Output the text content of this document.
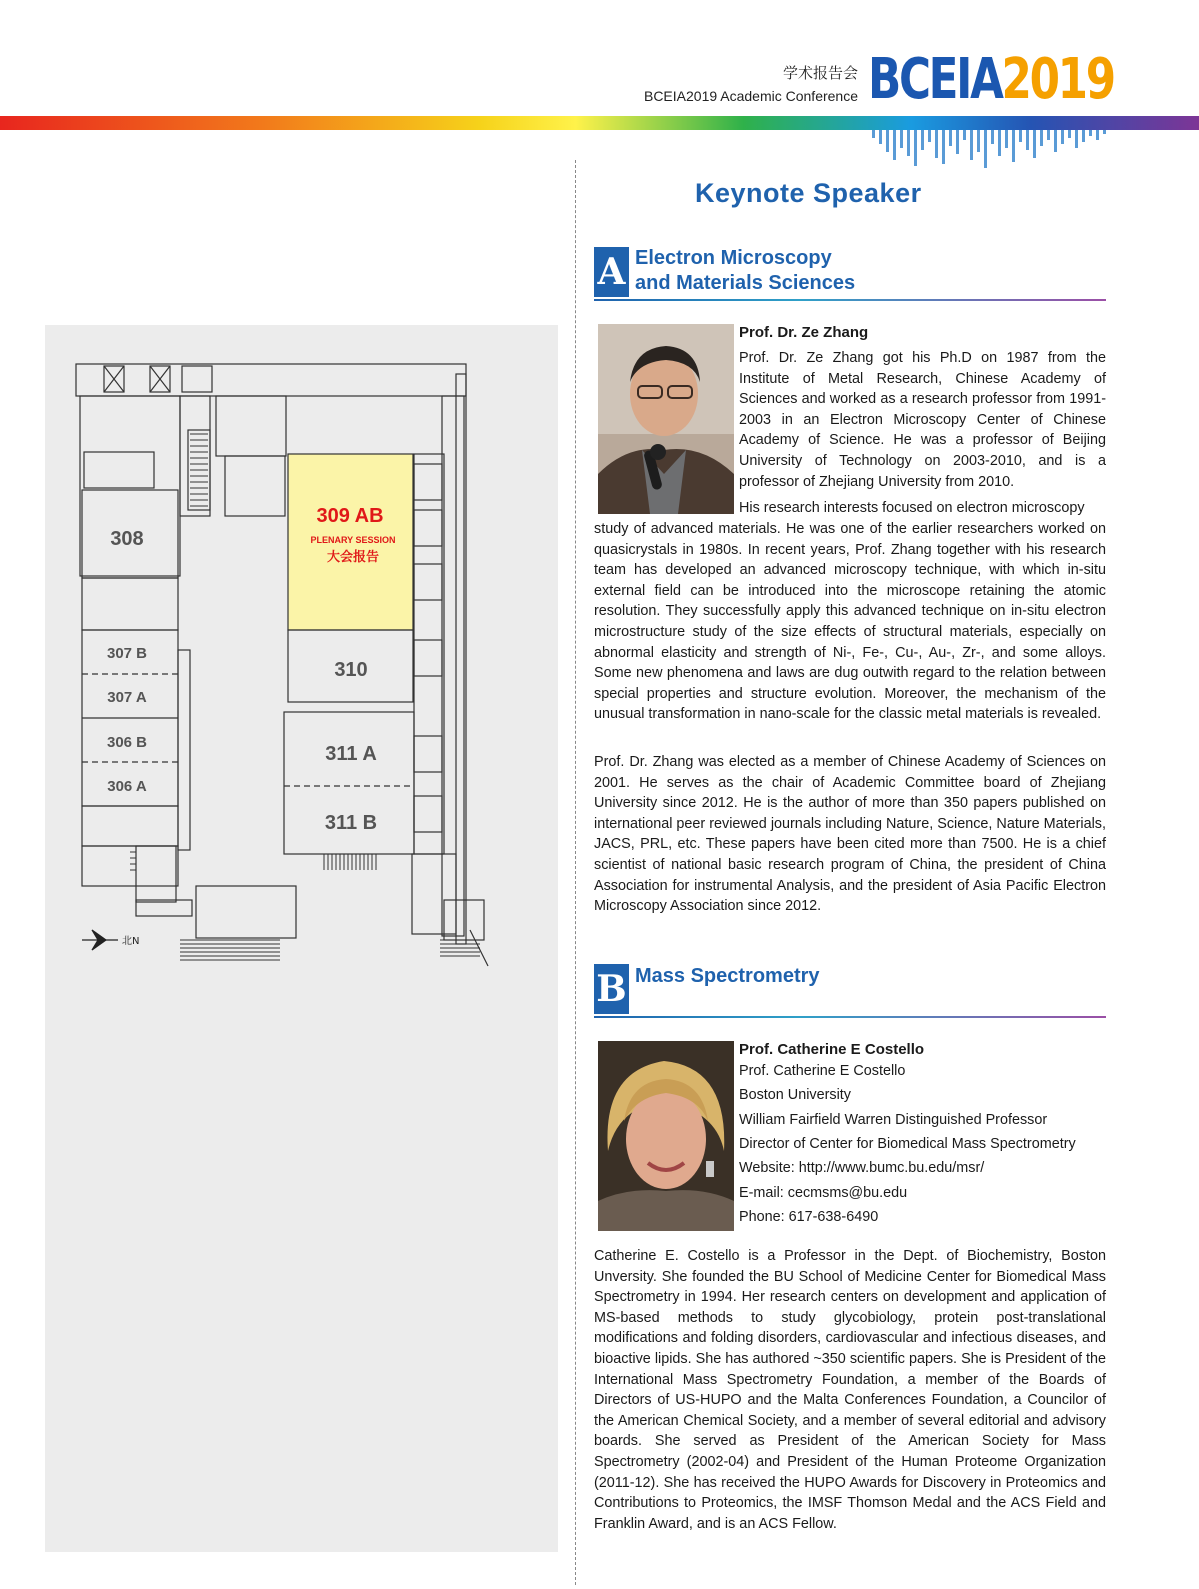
学术报告会
BCEIA2019 Academic Conference BCEIA2019
308
307 B
307 A
306 B
306 A
310
311 A
311 B
309 AB
PLENARY SESSION
大会报告
北N
Keynote Speaker
A Electron Microscopy
and Materials Sciences
Prof. Dr. Ze Zhang
Prof. Dr. Ze Zhang got his Ph.D on 1987 from the Institute of Metal Research, Chinese Academy of Sciences and worked as a research professor from 1991- 2003 in an Electron Microscopy Center of Chinese Academy of Science. He was a professor of Beijing University of Technology on 2003-2010, and is a professor of Zhejiang University from 2010.
His research interests focused on electron microscopy
study of advanced materials. He was one of the earlier researchers worked on quasicrystals in 1980s. In recent years, Prof. Zhang together with his research team has developed an advanced microscopy technique, with which in-situ external field can be introduced into the microscope retaining the atomic resolution. They successfully apply this advanced technique on in-situ electron microstructure study of the size effects of structural materials, especially on abnormal elasticity and strength of Ni-, Fe-, Cu-, Au-, Zr-, and some alloys. Some new phenomena and laws are dug outwith regard to the relation between special properties and structure evolution. Moreover, the mechanism of the unusual transformation in nano-scale for the classic metal materials is revealed.
Prof. Dr. Zhang was elected as a member of Chinese Academy of Sciences on 2001. He serves as the chair of Academic Committee board of Zhejiang University since 2012. He is the author of more than 350 papers published on international peer reviewed journals including Nature, Science, Nature Materials, JACS, PRL, etc. These papers have been cited more than 7500. He is a chief scientist of national basic research program of China, the president of China Association for instrumental Analysis, and the president of Asia Pacific Electron Microscopy Association since 2012.
B Mass Spectrometry
Prof. Catherine E Costello
Prof. Catherine E Costello
Boston University
William Fairfield Warren Distinguished Professor
Director of Center for Biomedical Mass Spectrometry
Website: http://www.bumc.bu.edu/msr/
E-mail: cecmsms@bu.edu
Phone: 617-638-6490
Catherine E. Costello is a Professor in the Dept. of Biochemistry, Boston Unversity. She founded the BU School of Medicine Center for Biomedical Mass Spectrometry in 1994. Her research centers on development and application of MS-based methods to study glycobiology, protein post-translational modifications and folding disorders, cardiovascular and infectious diseases, and bioactive lipids. She has authored ~350 scientific papers. She is President of the International Mass Spectrometry Foundation, a member of the Boards of Directors of US-HUPO and the Malta Conferences Foundation, a Councilor of the American Chemical Society, and a member of several editorial and advisory boards. She served as President of the American Society for Mass Spectrometry (2002-04) and President of the Human Proteome Organization (2011-12). She has received the HUPO Awards for Discovery in Proteomics and Contributions to Proteomics, the IMSF Thomson Medal and the ACS Field and Franklin Award, and is an ACS Fellow.
